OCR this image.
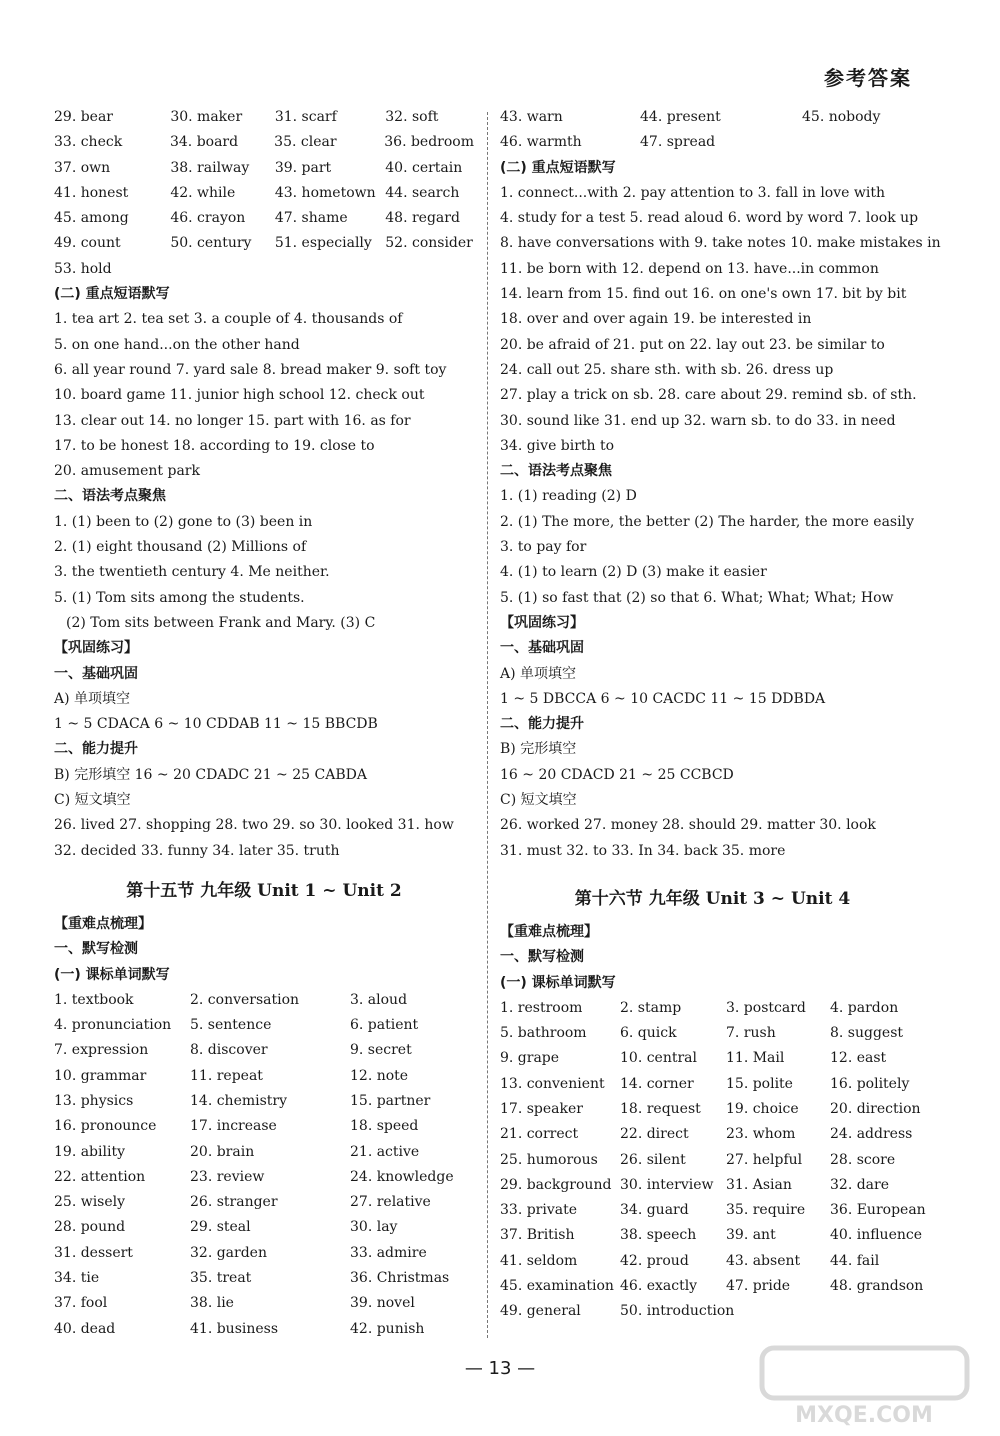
参考答案
29. bear	30. maker	31. scarf	32. soft
33. check	34. board	35. clear	36. bedroom
37. own	38. railway	39. part	40. certain
41. honest	42. while	43. hometown 44. search
45. among	46. crayon	47. shame	48. regard
49. count	50. century	51. especially 52. consider
53. hold
(二) 重点短语默写
1. tea art 2. tea set 3. a couple of 4. thousands of
5. on one hand...on the other hand
6. all year round 7. yard sale 8. bread maker 9. soft toy
10. board game 11. junior high school 12. check out
13. clear out 14. no longer 15. part with 16. as for
17. to be honest 18. according to 19. close to
20. amusement park
二、语法考点聚焦
1. (1) been to (2) gone to (3) been in
2. (1) eight thousand (2) Millions of
3. the twentieth century 4. Me neither.
5. (1) Tom sits among the students.
(2) Tom sits between Frank and Mary. (3) C
【巩固练习】
一、基础巩固
A) 单项填空
1 ~ 5 CDACA 6 ~ 10 CDDAB 11 ~ 15 BBCDB
二、能力提升
B) 完形填空 16 ~ 20 CDADC 21 ~ 25 CABDA
C) 短文填空
26. lived 27. shopping 28. two 29. so 30. looked 31. how
32. decided 33. funny 34. later 35. truth
第十五节 九年级 Unit 1 ~ Unit 2
【重难点梳理】
一、默写检测
(一) 课标单词默写
1. textbook	2. conversation	3. aloud
4. pronunciation	5. sentence	6. patient
7. expression	8. discover	9. secret
10. grammar	11. repeat	12. note
13. physics	14. chemistry	15. partner
16. pronounce	17. increase	18. speed
19. ability	20. brain	21. active
22. attention	23. review	24. knowledge
25. wisely	26. stranger	27. relative
28. pound	29. steal	30. lay
31. dessert	32. garden	33. admire
34. tie	35. treat	36. Christmas
37. fool	38. lie	39. novel
40. dead	41. business	42. punish
43. warn	44. present	45. nobody
46. warmth	47. spread
(二) 重点短语默写
1. connect...with 2. pay attention to 3. fall in love with
4. study for a test 5. read aloud 6. word by word 7. look up
8. have conversations with 9. take notes 10. make mistakes in
11. be born with 12. depend on 13. have...in common
14. learn from 15. find out 16. on one's own 17. bit by bit
18. over and over again 19. be interested in
20. be afraid of 21. put on 22. lay out 23. be similar to
24. call out 25. share sth. with sb. 26. dress up
27. play a trick on sb. 28. care about 29. remind sb. of sth.
30. sound like 31. end up 32. warn sb. to do 33. in need
34. give birth to
二、语法考点聚焦
1. (1) reading (2) D
2. (1) The more, the better (2) The harder, the more easily
3. to pay for
4. (1) to learn (2) D (3) make it easier
5. (1) so fast that (2) so that 6. What; What; What; How
【巩固练习】
一、基础巩固
A) 单项填空
1 ~ 5 DBCCA 6 ~ 10 CACDC 11 ~ 15 DDBDA
二、能力提升
B) 完形填空
16 ~ 20 CDACD 21 ~ 25 CCBCD
C) 短文填空
26. worked 27. money 28. should 29. matter 30. look
31. must 32. to 33. In 34. back 35. more
第十六节 九年级 Unit 3 ~ Unit 4
【重难点梳理】
一、默写检测
(一) 课标单词默写
1. restroom	2. stamp	3. postcard	4. pardon
5. bathroom	6. quick	7. rush	8. suggest
9. grape	10. central	11. Mail	12. east
13. convenient	14. corner	15. polite	16. politely
17. speaker	18. request	19. choice	20. direction
21. correct	22. direct	23. whom	24. address
25. humorous	26. silent	27. helpful	28. score
29. background 30. interview 31. Asian	32. dare
33. private	34. guard	35. require	36. European
37. British	38. speech	39. ant	40. influence
41. seldom	42. proud	43. absent	44. fail
45. examination 46. exactly	47. pride	48. grandson
49. general	50. introduction
— 13 —
MXQE.COM
